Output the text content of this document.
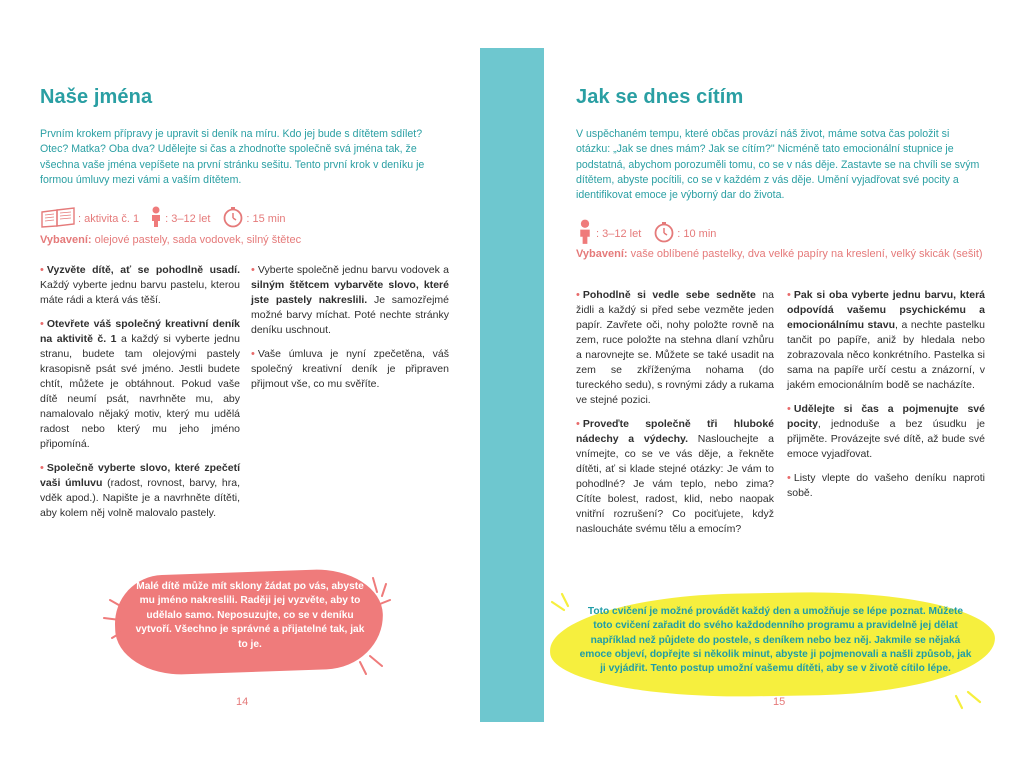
Naše jména
Prvním krokem přípravy je upravit si deník na míru. Kdo jej bude s dítětem sdílet? Otec? Matka? Oba dva? Udělejte si čas a zhodnoťte společně svá jména tak, že všechna vaše jména vepíšete na první stránku sešitu. Tento první krok v deníku je formou úmluvy mezi vámi a vaším dítětem.
: aktivita č. 1 : 3–12 let	: 15 min
Vybavení: olejové pastely, sada vodovek, silný štětec

• Vyzvěte dítě, ať se pohodlně usadí. Každý vyberte jednu barvu pastelu, kterou máte rádi a která vás těší.

• Otevřete váš společný kreativní deník na aktivitě č. 1 a každý si vyberte jednu stranu, budete tam olejovými pastely krasopisně psát své jméno. Jestli budete chtít, můžete je obtáhnout. Pokud vaše dítě neumí psát, navrhněte mu, aby namalovalo nějaký motiv, který mu udělá radost nebo který mu jeho jméno připomíná.

• Společně vyberte slovo, které zpečetí vaši úmluvu (radost, rovnost, barvy, hra, vděk apod.). Napište je a navrhněte dítěti, aby kolem něj volně malovalo pastely.

• Vyberte společně jednu barvu vodovek a silným štětcem vybarvěte slovo, které jste pastely nakreslili. Je samozřejmé možné barvy míchat. Poté nechte stránky deníku uschnout.

• Vaše úmluva je nyní zpečetěna, váš společný kreativní deník je připraven přijmout vše, co mu svěříte.

Malé dítě může mít sklony žádat po vás, abyste mu jméno nakreslili. Raději jej vyzvěte, aby to udělalo samo. Neposuzujte, co se v deníku vytvoří. Všechno je správné a přijatelné tak, jak to je.
14
Jak se dnes cítím
V uspěchaném tempu, které občas provází náš život, máme sotva čas položit si otázku: „Jak se dnes mám? Jak se cítím?" Nicméně tato emocionální stupnice je podstatná, abychom porozuměli tomu, co se v nás děje. Zastavte se na chvíli se svým dítětem, abyste pocítili, co se v každém z vás děje. Umění vyjadřovat své pocity a identifikovat emoce je výborný dar do života.
: 3–12 let	: 10 min
Vybavení: vaše oblíbené pastelky, dva velké papíry na kreslení, velký skicák (sešit)

• Pohodlně si vedle sebe sedněte na židli a každý si před sebe vezměte jeden papír. Zavřete oči, nohy položte rovně na zem, ruce položte na stehna dlaní vzhůru a narovnejte se. Můžete se také usadit na zem se zkříženýma nohama (do tureckého sedu), s rovnými zády a rukama ve stejné pozici.

• Proveďte společně tři hluboké nádechy a výdechy. Naslouchejte a vnímejte, co se ve vás děje, a řekněte dítěti, ať si klade stejné otázky: Je vám to pohodlné? Je vám teplo, nebo zima? Cítíte bolest, radost, klid, nebo naopak vnitřní rozrušení? Co pociťujete, když nasloucháte svému tělu a emocím?

• Pak si oba vyberte jednu barvu, která odpovídá vašemu psychickému a emocionálnímu stavu, a nechte pastelku tančit po papíře, aniž by hledala nebo zobrazovala něco konkrétního. Pastelka si sama na papíře určí cestu a znázorní, v jakém emocionálním bodě se nacházíte.

• Udělejte si čas a pojmenujte své pocity, jednoduše a bez úsudku je přijměte. Provázejte své dítě, až bude své emoce vyjadřovat.

• Listy vlepte do vašeho deníku naproti sobě.

Toto cvičení je možné provádět každý den a umožňuje se lépe poznat. Můžete toto cvičení zařadit do svého každodenního programu a pravidelně jej dělat například než půjdete do postele, s deníkem nebo bez něj. Jakmile se nějaká emoce objeví, dopřejte si několik minut, abyste ji pojmenovali a našli způsob, jak ji vyjádřit. Tento postup umožní vašemu dítěti, aby se v životě cítilo lépe.
15
